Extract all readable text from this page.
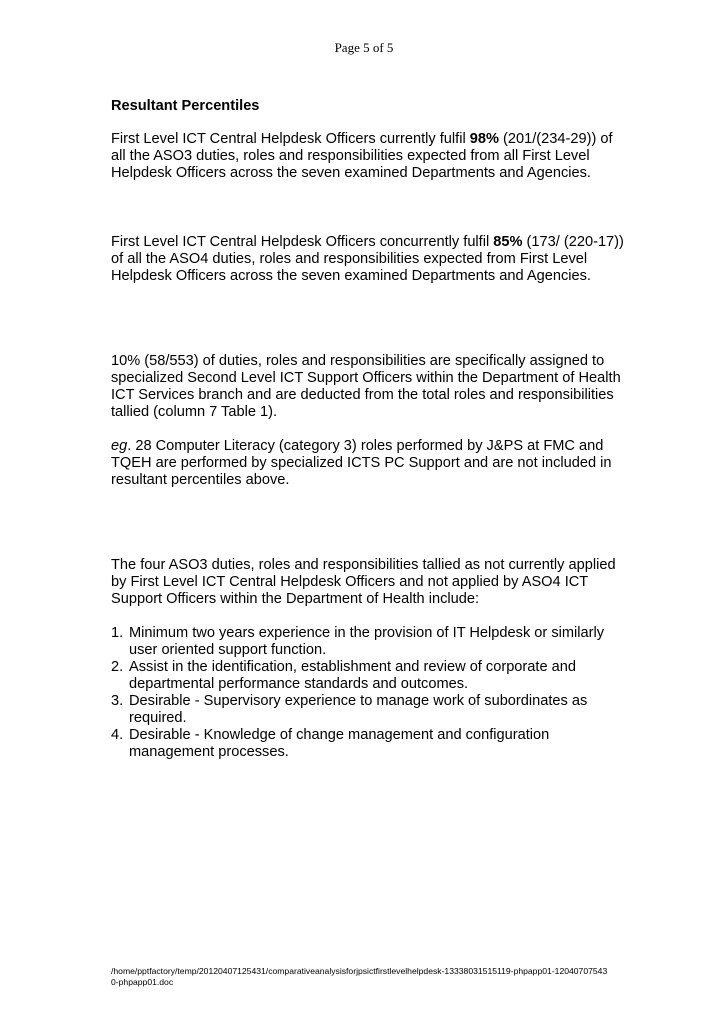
Page 5 of 5

Resultant Percentiles

First Level ICT Central Helpdesk Officers currently fulfil 98% (201/(234-29)) of all the ASO3 duties, roles and responsibilities expected from all First Level Helpdesk Officers across the seven examined Departments and Agencies.

First Level ICT Central Helpdesk Officers concurrently fulfil 85% (173/ (220-17)) of all the ASO4 duties, roles and responsibilities expected from First Level Helpdesk Officers across the seven examined Departments and Agencies.

10% (58/553) of duties, roles and responsibilities are specifically assigned to specialized Second Level ICT Support Officers within the Department of Health ICT Services branch and are deducted from the total roles and responsibilities tallied (column 7 Table 1).

eg. 28 Computer Literacy (category 3) roles performed by J&PS at FMC and TQEH are performed by specialized ICTS PC Support and are not included in resultant percentiles above.

The four ASO3 duties, roles and responsibilities tallied as not currently applied by First Level ICT Central Helpdesk Officers and not applied by ASO4 ICT Support Officers within the Department of Health include:

1. Minimum two years experience in the provision of IT Helpdesk or similarly user oriented support function.
2. Assist in the identification, establishment and review of corporate and departmental performance standards and outcomes.
3. Desirable - Supervisory experience to manage work of subordinates as required.
4. Desirable - Knowledge of change management and configuration management processes.
/home/pptfactory/temp/20120407125431/comparativeanalysisforjpsictfirstlevelhelpdesk-13338031515119-phpapp01-120407075430-phpapp01.doc
